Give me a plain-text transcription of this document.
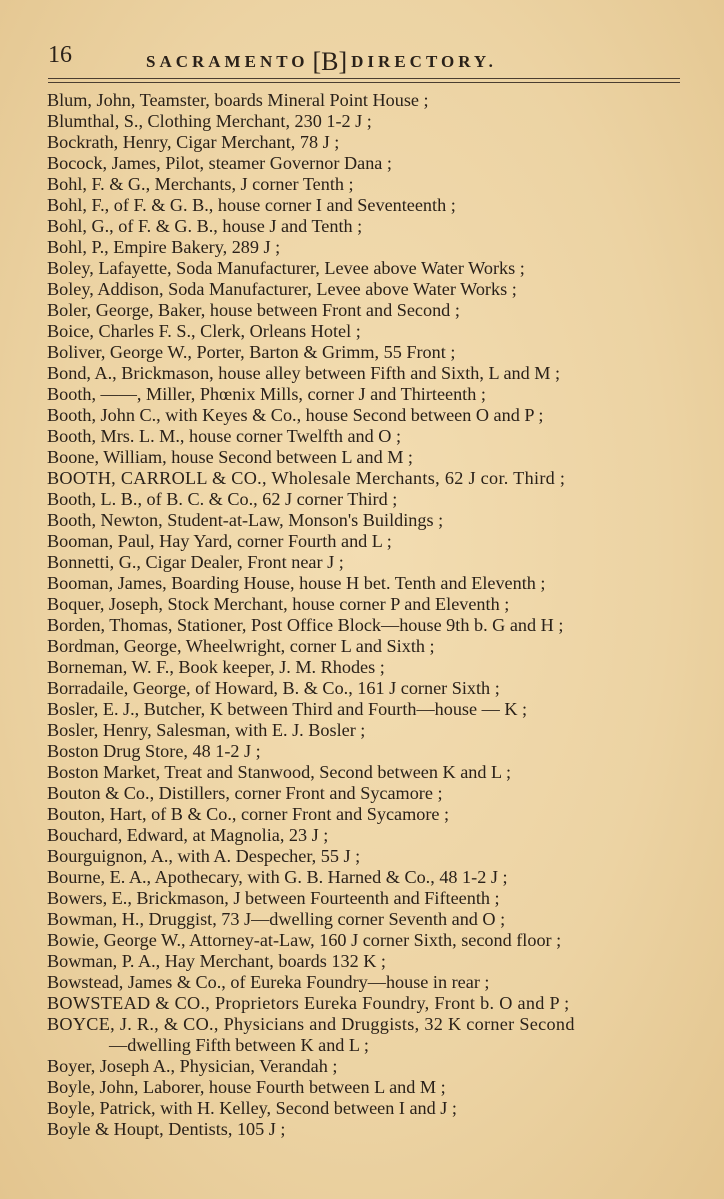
16	SACRAMENTO [B] DIRECTORY.
Blum, John, Teamster, boards Mineral Point House ;
Blumthal, S., Clothing Merchant, 230 1-2 J ;
Bockrath, Henry, Cigar Merchant, 78 J ;
Bocock, James, Pilot, steamer Governor Dana ;
Bohl, F. & G., Merchants, J corner Tenth ;
Bohl, F., of F. & G. B., house corner I and Seventeenth ;
Bohl, G., of F. & G. B., house J and Tenth ;
Bohl, P., Empire Bakery, 289 J ;
Boley, Lafayette, Soda Manufacturer, Levee above Water Works ;
Boley, Addison, Soda Manufacturer, Levee above Water Works ;
Boler, George, Baker, house between Front and Second ;
Boice, Charles F. S., Clerk, Orleans Hotel ;
Boliver, George W., Porter, Barton & Grimm, 55 Front ;
Bond, A., Brickmason, house alley between Fifth and Sixth, L and M ;
Booth, ——, Miller, Phœnix Mills, corner J and Thirteenth ;
Booth, John C., with Keyes & Co., house Second between O and P ;
Booth, Mrs. L. M., house corner Twelfth and O ;
Boone, William, house Second between L and M ;
BOOTH, CARROLL & CO., Wholesale Merchants, 62 J cor. Third ;
Booth, L. B., of B. C. & Co., 62 J corner Third ;
Booth, Newton, Student-at-Law, Monson's Buildings ;
Booman, Paul, Hay Yard, corner Fourth and L ;
Bonnetti, G., Cigar Dealer, Front near J ;
Booman, James, Boarding House, house H bet. Tenth and Eleventh ;
Boquer, Joseph, Stock Merchant, house corner P and Eleventh ;
Borden, Thomas, Stationer, Post Office Block—house 9th b. G and H ;
Bordman, George, Wheelwright, corner L and Sixth ;
Borneman, W. F., Book keeper, J. M. Rhodes ;
Borradaile, George, of Howard, B. & Co., 161 J corner Sixth ;
Bosler, E. J., Butcher, K between Third and Fourth—house — K ;
Bosler, Henry, Salesman, with E. J. Bosler ;
Boston Drug Store, 48 1-2 J ;
Boston Market, Treat and Stanwood, Second between K and L ;
Bouton & Co., Distillers, corner Front and Sycamore ;
Bouton, Hart, of B & Co., corner Front and Sycamore ;
Bouchard, Edward, at Magnolia, 23 J ;
Bourguignon, A., with A. Despecher, 55 J ;
Bourne, E. A., Apothecary, with G. B. Harned & Co., 48 1-2 J ;
Bowers, E., Brickmason, J between Fourteenth and Fifteenth ;
Bowman, H., Druggist, 73 J—dwelling corner Seventh and O ;
Bowie, George W., Attorney-at-Law, 160 J corner Sixth, second floor ;
Bowman, P. A., Hay Merchant, boards 132 K ;
Bowstead, James & Co., of Eureka Foundry—house in rear ;
BOWSTEAD & CO., Proprietors Eureka Foundry, Front b. O and P ;
BOYCE, J. R., & CO., Physicians and Druggists, 32 K corner Second
—dwelling Fifth between K and L ;
Boyer, Joseph A., Physician, Verandah ;
Boyle, John, Laborer, house Fourth between L and M ;
Boyle, Patrick, with H. Kelley, Second between I and J ;
Boyle & Houpt, Dentists, 105 J ;
